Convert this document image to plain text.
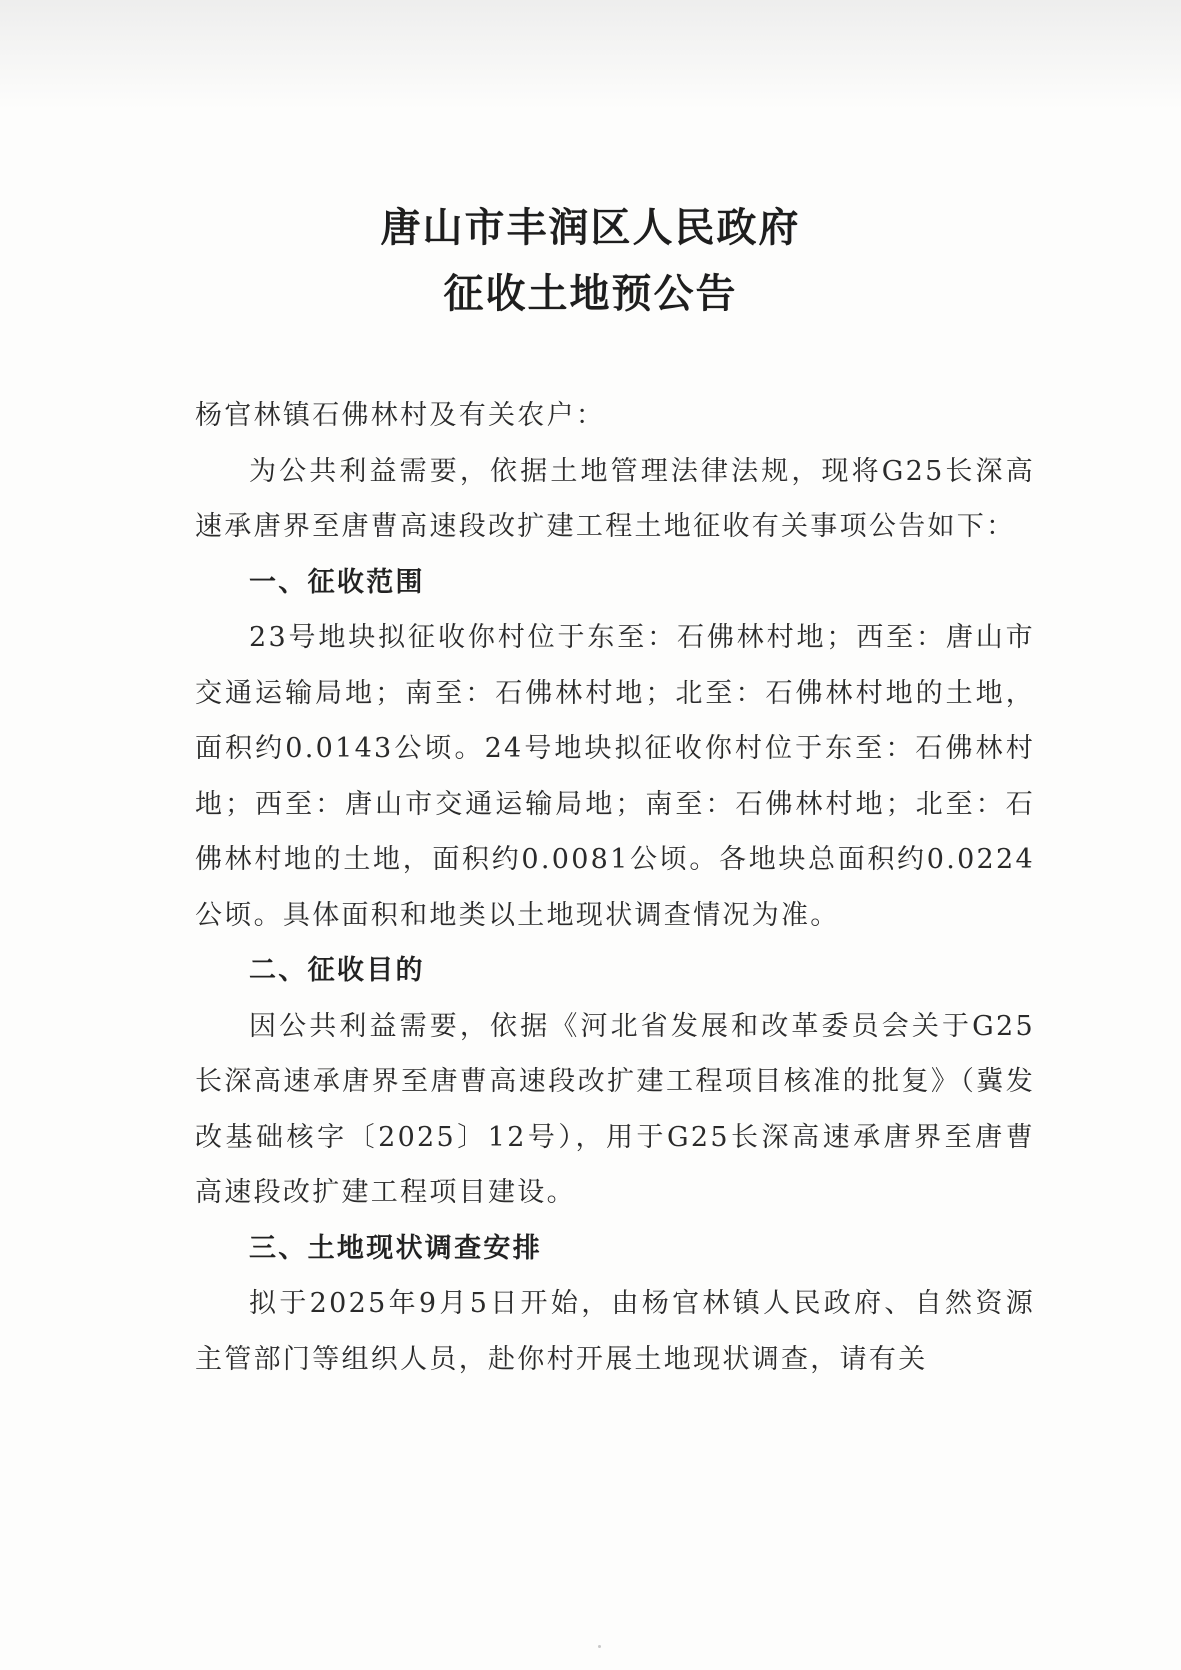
唐山市丰润区人民政府
征收土地预公告

杨官林镇石佛林村及有关农户：

为公共利益需要，依据土地管理法律法规，现将G25长深高速承唐界至唐曹高速段改扩建工程土地征收有关事项公告如下：

一、征收范围

23号地块拟征收你村位于东至：石佛林村地；西至：唐山市交通运输局地；南至：石佛林村地；北至：石佛林村地的土地，面积约0.0143公顷。24号地块拟征收你村位于东至：石佛林村地；西至：唐山市交通运输局地；南至：石佛林村地；北至：石佛林村地的土地，面积约0.0081公顷。各地块总面积约0.0224公顷。具体面积和地类以土地现状调查情况为准。

二、征收目的

因公共利益需要，依据《河北省发展和改革委员会关于G25长深高速承唐界至唐曹高速段改扩建工程项目核准的批复》（冀发改基础核字〔2025〕12号），用于G25长深高速承唐界至唐曹高速段改扩建工程项目建设。

三、土地现状调查安排

拟于2025年9月5日开始，由杨官林镇人民政府、自然资源主管部门等组织人员，赴你村开展土地现状调查，请有关
